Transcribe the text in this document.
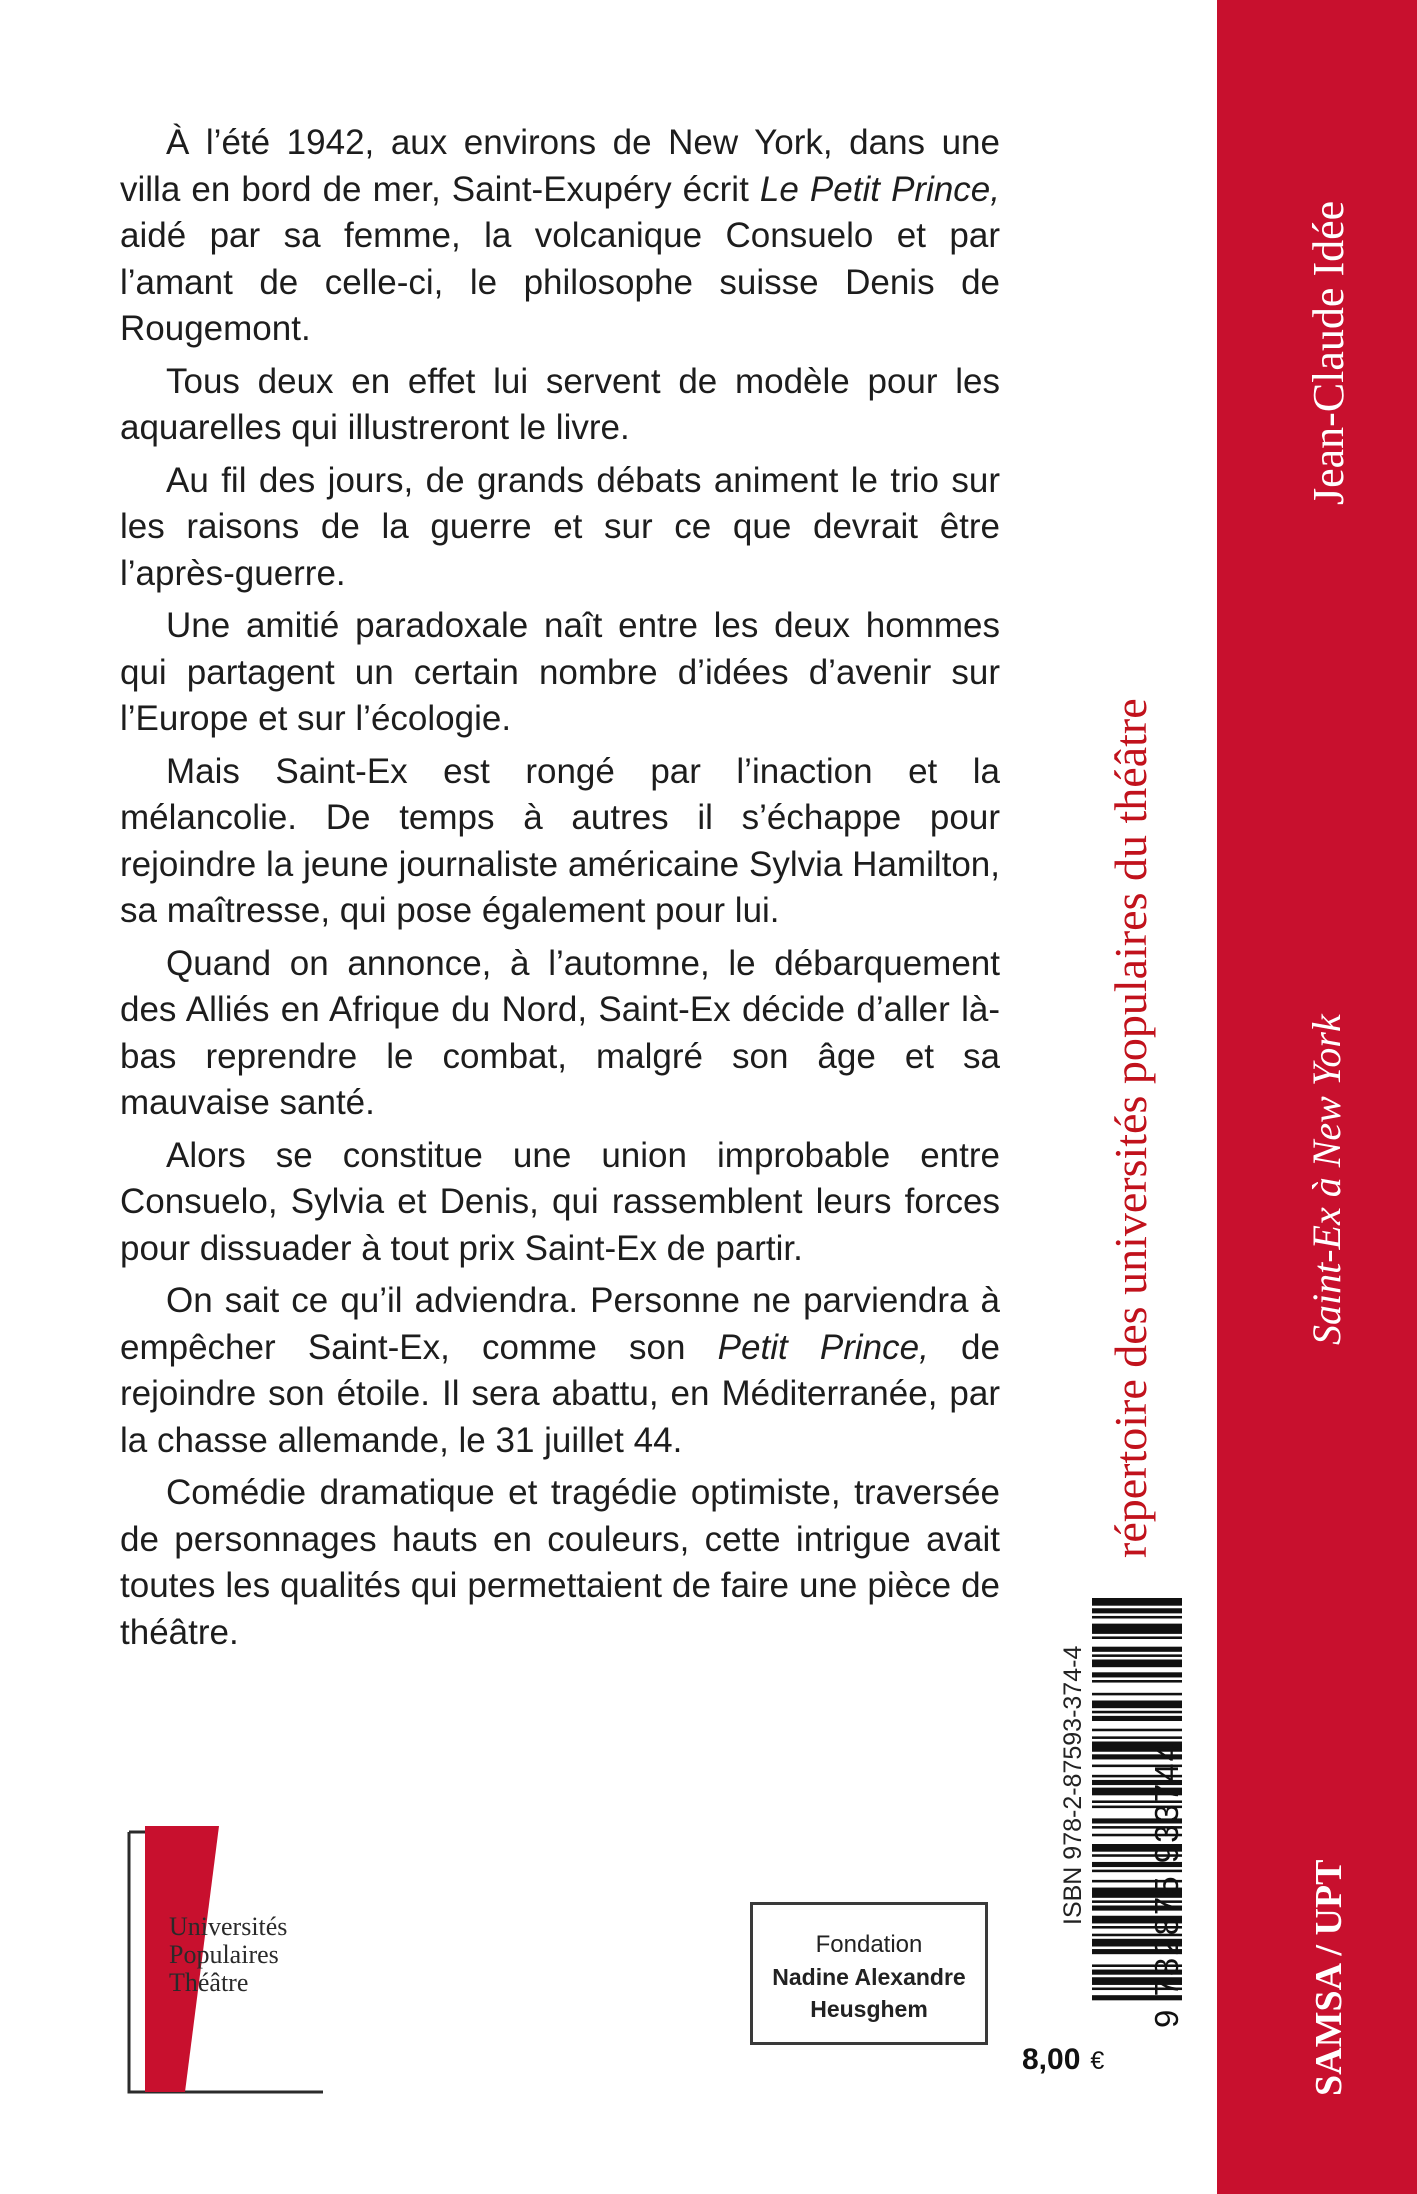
À l’été 1942, aux environs de New York, dans une villa en bord de mer, Saint-Exupéry écrit Le Petit Prince, aidé par sa femme, la volcanique Consuelo et par l’amant de celle-ci, le philosophe suisse Denis de Rougemont.

Tous deux en effet lui servent de modèle pour les aquarelles qui illustreront le livre.

Au fil des jours, de grands débats animent le trio sur les raisons de la guerre et sur ce que devrait être l’après-guerre.

Une amitié paradoxale naît entre les deux hommes qui partagent un certain nombre d’idées d’avenir sur l’Europe et sur l’écologie.

Mais Saint-Ex est rongé par l’inaction et la mélancolie. De temps à autres il s’échappe pour rejoindre la jeune journaliste américaine Sylvia Hamilton, sa maîtresse, qui pose également pour lui.

Quand on annonce, à l’automne, le débarquement des Alliés en Afrique du Nord, Saint-Ex décide d’aller là-bas reprendre le combat, malgré son âge et sa mauvaise santé.

Alors se constitue une union improbable entre Consuelo, Sylvia et Denis, qui rassemblent leurs forces pour dissuader à tout prix Saint-Ex de partir.

On sait ce qu’il adviendra. Personne ne parviendra à empêcher Saint-Ex, comme son Petit Prince, de rejoindre son étoile. Il sera abattu, en Méditerranée, par la chasse allemande, le 31 juillet 44.

Comédie dramatique et tragédie optimiste, traversée de personnages hauts en couleurs, cette intrigue avait toutes les qualités qui permettaient de faire une pièce de théâtre.

Universités
Populaires
Théâtre
Fondation
Nadine Alexandre
Heusghem
ISBN 978-2-87593-374-4 9 782875 933744
8,00 €
répertoire des universités populaires du théâtre
Jean-Claude Idée
Saint-Ex à New York
SAMSA / UPT
